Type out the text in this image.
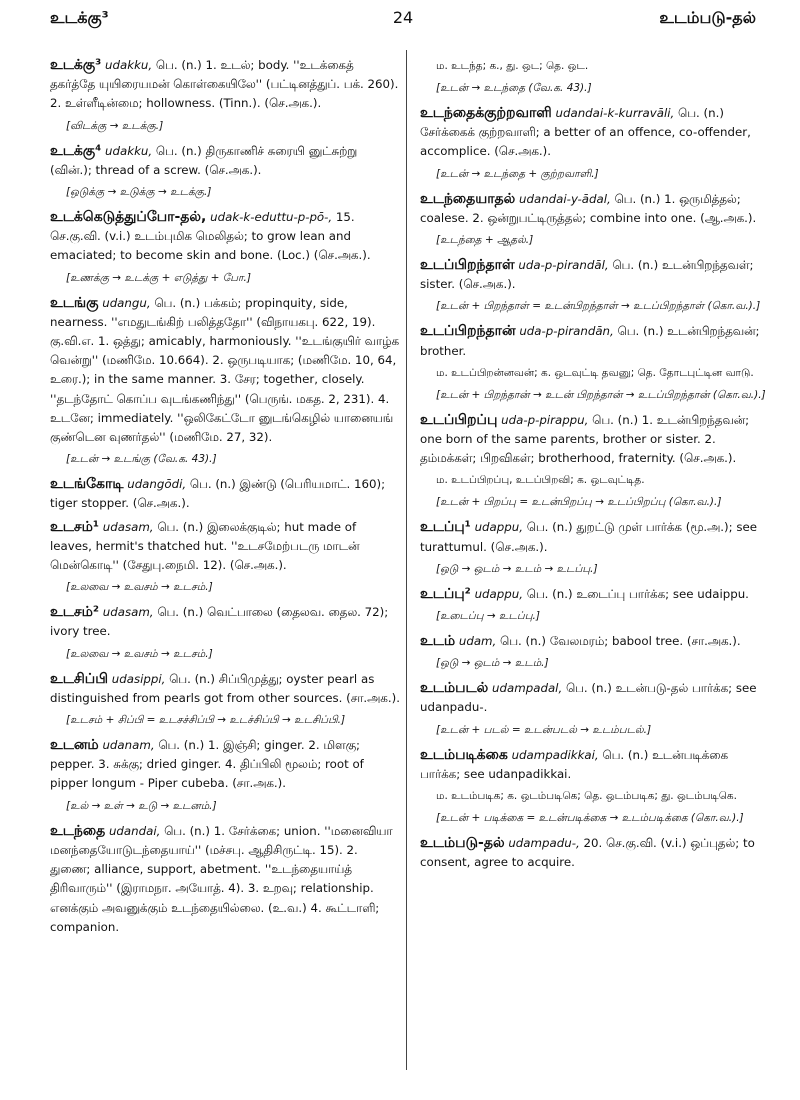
உடக்கு³	24	உடம்படு-தல்
உடக்கு³ udakku, பெ. (n.) 1. உடல்; body. ''உடக்கைத் தகர்த்தே யுயிரையமன் கொள்கையிலே'' (பட்டினத்துப். பக். 260). 2. உள்ளீடின்மை; hollowness. (Tinn.). (செ.அக.).
[விடக்கு → உடக்கு.]
உடக்கு⁴ udakku, பெ. (n.) திருகாணிச் சுரையி னுட்சுற்று (வின்.); thread of a screw. (செ.அக.).
[ஒடுக்கு → உடுக்கு → உடக்கு.]
உடக்கெடுத்துப்போ-தல், udak-k-eduttu-p-pō-, 15. செ.கு.வி. (v.i.) உடம்புமிக மெலிதல்; to grow lean and emaciated; to become skin and bone. (Loc.) (செ.அக.).
[உணக்கு → உடக்கு + எடுத்து + போ.]
உடங்கு udangu, பெ. (n.) பக்கம்; propinquity, side, nearness. ''எமதுடங்கிற் பலித்ததோ'' (விநாயகபு. 622, 19). கு.வி.எ. 1. ஒத்து; amicably, harmoniously. ''உடங்குயிர் வாழ்க வென்று'' (மணிமே. 10.664). 2. ஒருபடியாக; (மணிமே. 10, 64, உரை.); in the same manner. 3. சேர; together, closely. ''தடந்தோட் கொப்ப வுடங்கணிந்து'' (பெருங். மகத. 2, 231). 4. உடனே; immediately. ''ஒலிகேட்டோ னுடங்கெழில் யானையங் குண்டென வுணர்தல்'' (மணிமே. 27, 32).
[உடன் → உடங்கு (வே.க. 43).]
உடங்கோடி udangōdi, பெ. (n.) இண்டு (பெரியமாட். 160); tiger stopper. (செ.அக.).
உடசம்¹ udasam, பெ. (n.) இலைக்குடில்; hut made of leaves, hermit's thatched hut. ''உடசமேற்படரு மாடன் மென்கொடி'' (சேதுபு.நைமி. 12). (செ.அக.).
[உலவை → உவசம் → உடசம்.]
உடசம்² udasam, பெ. (n.) வெட்பாலை (தைலவ. தைல. 72); ivory tree.
[உலவை → உவசம் → உடசம்.]
உடசிப்பி udasippi, பெ. (n.) சிப்பிமுத்து; oyster pearl as distinguished from pearls got from other sources. (சா.அக.).
[உடசம் + சிப்பி = உடசச்சிப்பி → உடச்சிப்பி → உடசிப்பி.]
உடனம் udanam, பெ. (n.) 1. இஞ்சி; ginger. 2. மிளகு; pepper. 3. சுக்கு; dried ginger. 4. திப்பிலி மூலம்; root of pipper longum - Piper cubeba. (சா.அக.).
[உல் → உள் → உடு → உடனம்.]
உடந்தை udandai, பெ. (n.) 1. சேர்க்கை; union. ''மனைவியா மனந்தையோடுடந்தையாய்'' (மச்சபு. ஆதிசிருட்டி. 15). 2. துணை; alliance, support, abetment. ''உடந்தையாய்த் திரிவாரும்'' (இராமநா. அயோத். 4). 3. உறவு; relationship. எனக்கும் அவனுக்கும் உடந்தையில்லை. (உ.வ.) 4. கூட்டாளி; companion.
ம. உடந்த; க., து. ஒட; தெ. ஒட.
[உடன் → உடந்தை (வே.க. 43).]
உடந்தைக்குற்றவாளி udandai-k-kurravāli, பெ. (n.) சேர்க்கைக் குற்றவாளி; a better of an offence, co-offender, accomplice. (செ.அக.).
[உடன் → உடந்தை + குற்றவாளி.]
உடந்தையாதல் udandai-y-ādal, பெ. (n.) 1. ஒருமித்தல்; coalese. 2. ஒன்றுபட்டிருத்தல்; combine into one. (ஆ.அக.).
[உடந்தை + ஆதல்.]
உடப்பிறந்தாள் uda-p-pirandāl, பெ. (n.) உடன்பிறந்தவள்; sister. (செ.அக.).
[உடன் + பிறந்தாள் = உடன்பிறந்தாள் → உடப்பிறந்தாள் (கொ.வ.).]
உடப்பிறந்தான் uda-p-pirandān, பெ. (n.) உடன்பிறந்தவன்; brother.
ம. உடப்பிறன்னவன்; க. ஒடவுட்டி தவனு; தெ. தோடபுட்டின வாடு.
[உடன் + பிறந்தான் → உடன் பிறந்தான் → உடப்பிறந்தான் (கொ.வ.).]
உடப்பிறப்பு uda-p-pirappu, பெ. (n.) 1. உடன்பிறந்தவன்; one born of the same parents, brother or sister. 2. தம்மக்கள்; பிறவிகள்; brotherhood, fraternity. (செ.அக.).
ம. உடப்பிறப்பு, உடப்பிறவி; க. ஒடவுட்டித.
[உடன் + பிறப்பு = உடன்பிறப்பு → உடப்பிறப்பு (கொ.வ.).]
உடப்பு¹ udappu, பெ. (n.) துறட்டு முள் பார்க்க (மூ.அ.); see turattumul. (செ.அக.).
[ஒடு → ஒடம் → உடம் → உடப்பு.]
உடப்பு² udappu, பெ. (n.) உடைப்பு பார்க்க; see udaippu.
[உடைப்பு → உடப்பு.]
உடம் udam, பெ. (n.) வேலமரம்; babool tree. (சா.அக.).
[ஒடு → ஒடம் → உடம்.]
உடம்படல் udampadal, பெ. (n.) உடன்படு-தல் பார்க்க; see udanpadu-.
[உடன் + படல் = உடன்படல் → உடம்படல்.]
உடம்படிக்கை udampadikkai, பெ. (n.) உடன்படிக்கை பார்க்க; see udanpadikkai.
ம. உடம்படிக; க. ஒடம்படிகெ; தெ. ஒடம்படிக; து. ஒடம்படிகெ.
[உடன் + படிக்கை = உடன்படிக்கை → உடம்படிக்கை (கொ.வ.).]
உடம்படு-தல் udampadu-, 20. செ.கு.வி. (v.i.) ஒப்புதல்; to consent, agree to acquire.
